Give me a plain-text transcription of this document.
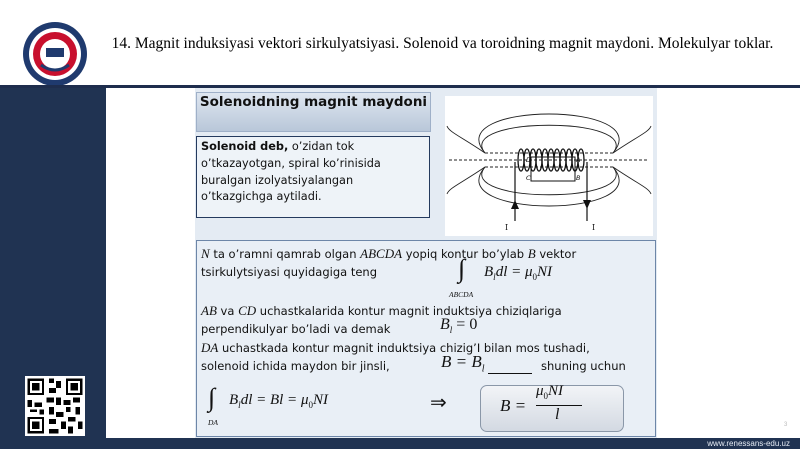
14. Magnit induksiyasi vektori sirkulyatsiyasi. Solenoid va toroidning magnit maydoni. Molekulyar toklar.
Solenoidning magnit maydoni
Solenoid deb, o’zidan tok
o’tkazayotgan, spiral ko’rinisida
buralgan izolyatsiyalangan
o’tkazgichga aytiladi.
D	A
C	B
I	I
N ta o’ramni qamrab olgan ABCDA yopiq kontur bo’ylab B vektor
tsirkulytsiyasi quyidagiga teng	∫
ABCDA
$B_ldl = \mu_0NI$
AB va CD uchastkalarida kontur magnit induktsiya chiziqlariga
perpendikulyar bo’ladi va demak	$B_l = 0$
DA uchastkada kontur magnit induktsiya chizig’I bilan mos tushadi,
solenoid ichida maydon bir jinsli,	$B = B_l$	shuning uchun
∫
DA
$B_ldl = Bl = \mu_0NI$	⇒	B =
$\mu_0NI$
l
3
www.renessans-edu.uz
